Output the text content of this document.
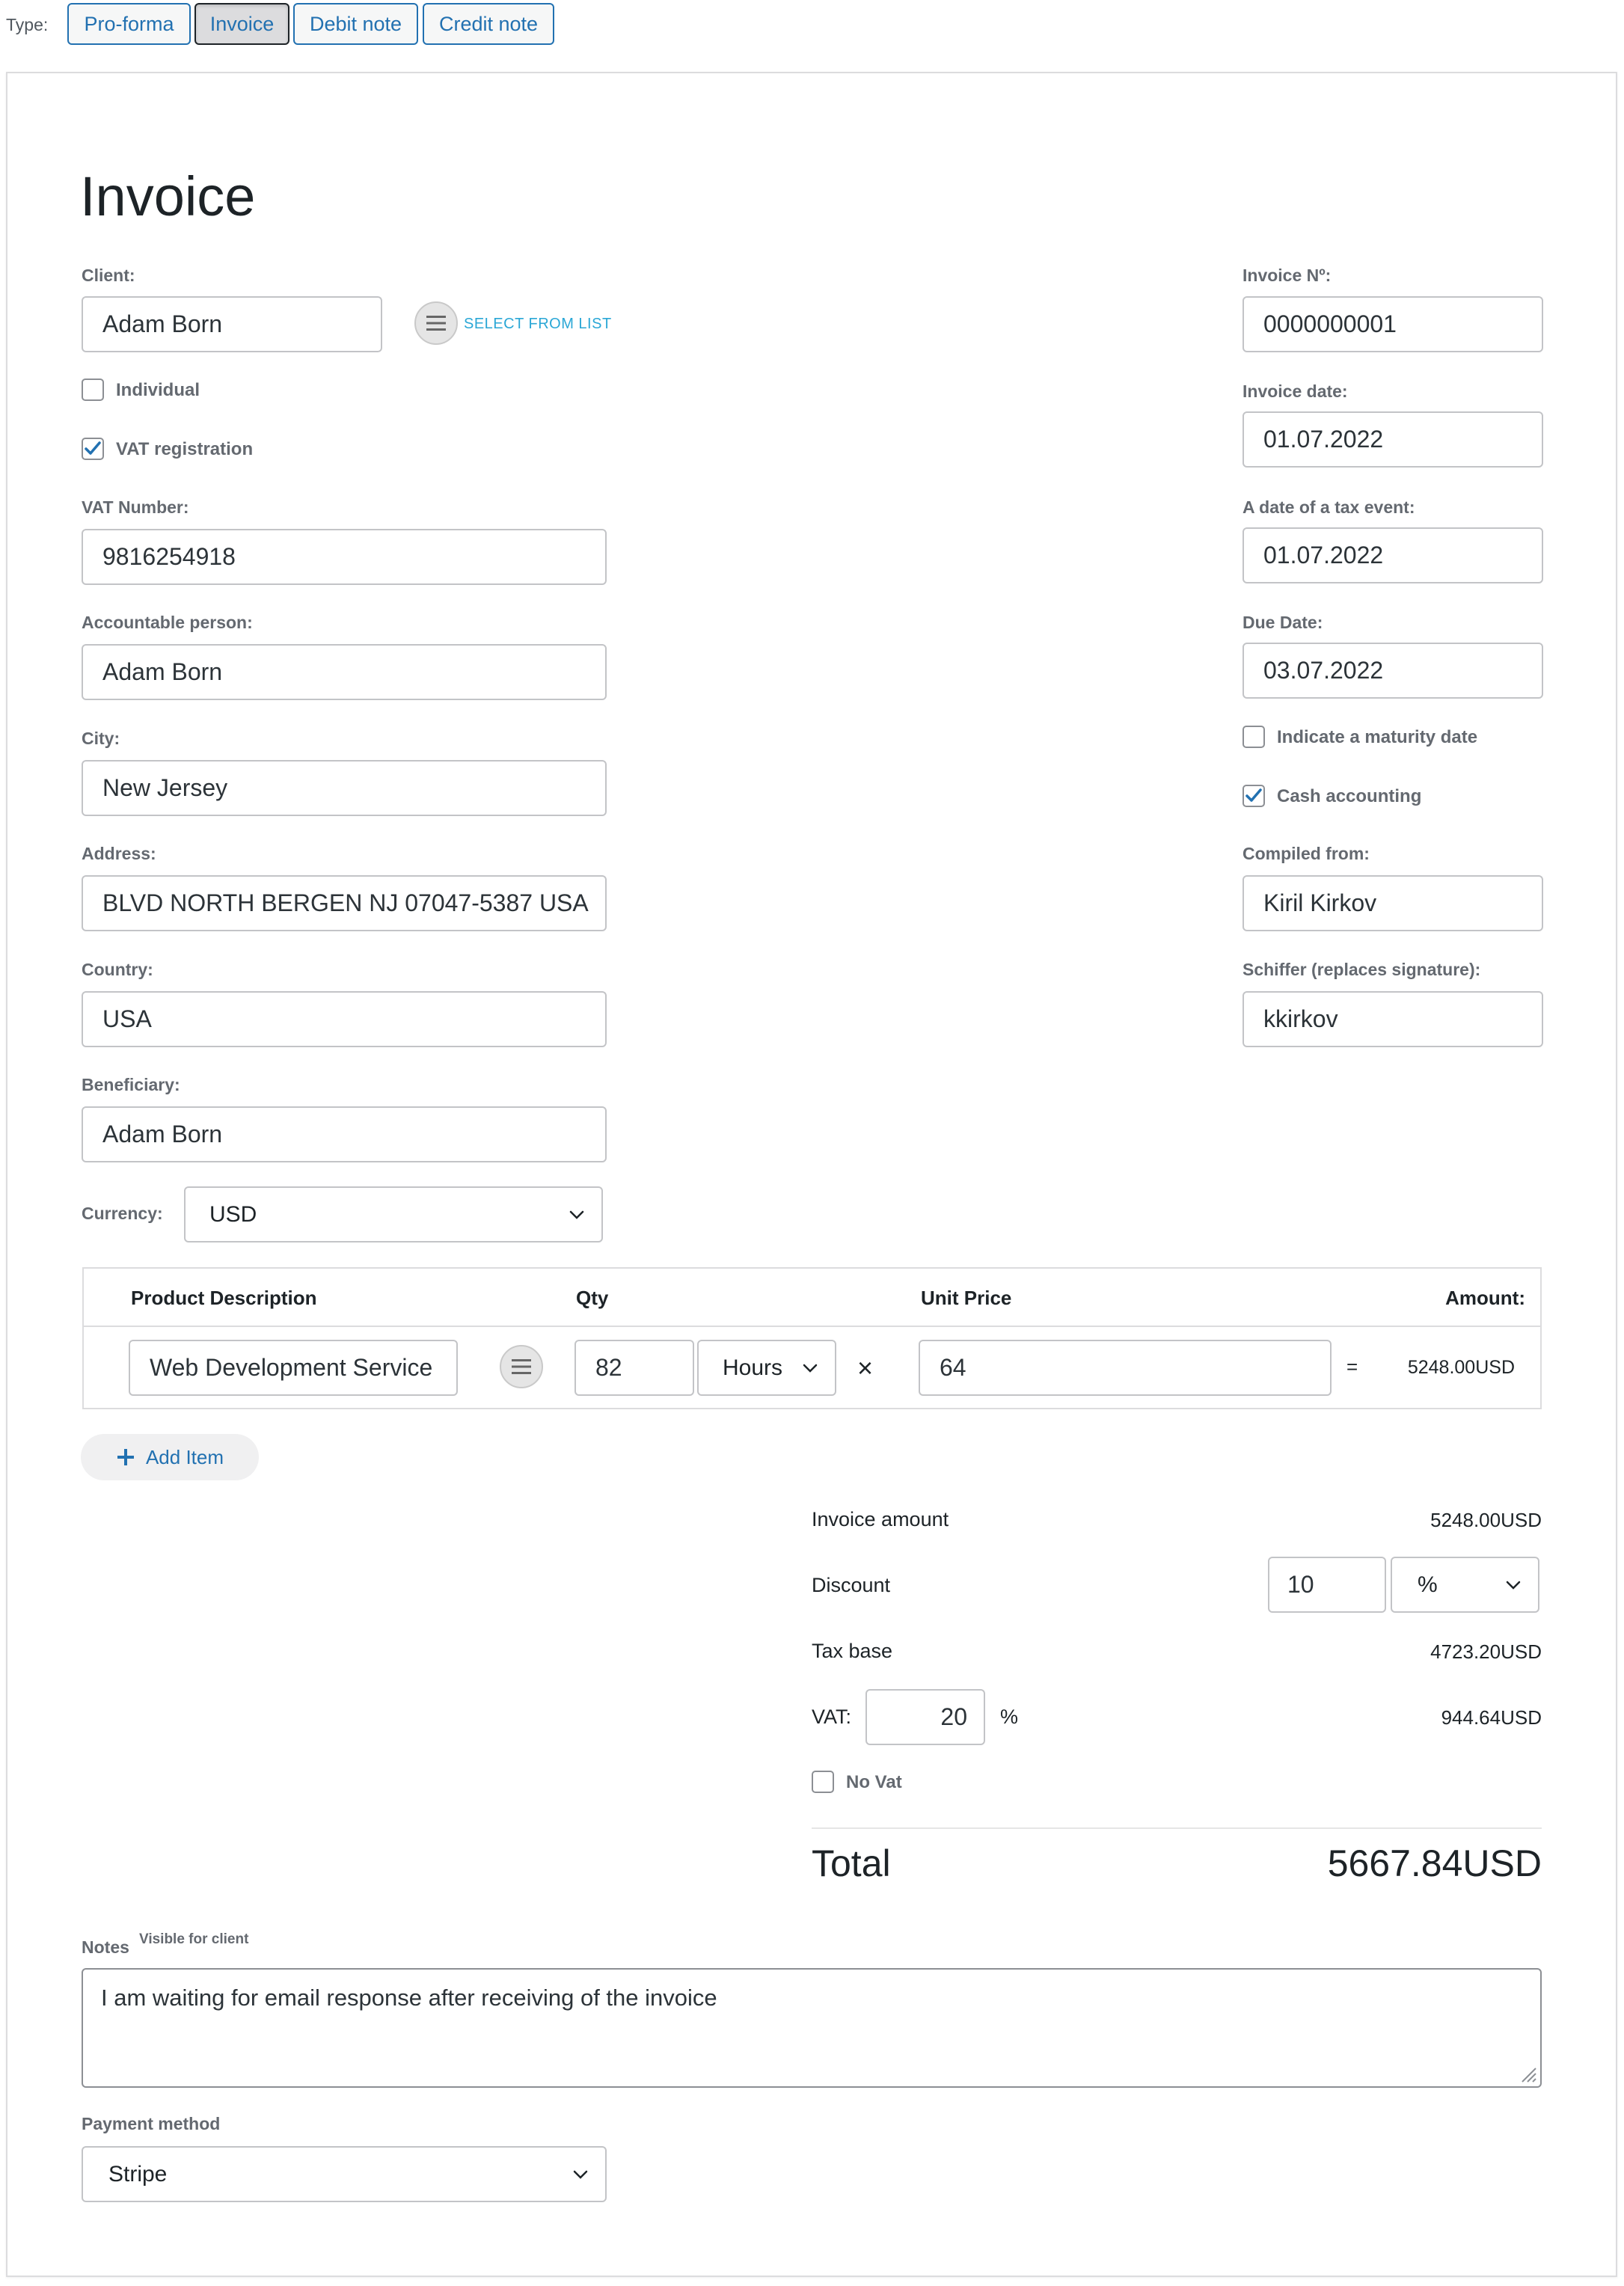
Type:	Pro-forma	Invoice	Debit note	Credit note
Invoice
Client:
Adam Born	SELECT FROM LIST
Individual
VAT registration
VAT Number:
9816254918
Accountable person:
Adam Born
City:
New Jersey
Address:
BLVD NORTH BERGEN NJ 07047-5387 USA
Country:
USA
Beneficiary:
Adam Born
Currency: USD
Invoice Nº:
0000000001
Invoice date:
01.07.2022
A date of a tax event:
01.07.2022
Due Date:
03.07.2022
Indicate a maturity date
Cash accounting
Compiled from:
Kiril Kirkov
Schiffer (replaces signature):
kkirkov
Product Description	Qty	Unit Price	Amount:
Web Development Service	82	Hours	×	64	=	5248.00USD
Add Item
Invoice amount	5248.00USD
Discount	10	%
Tax base	4723.20USD
VAT:	20	%	944.64USD
No Vat
Total	5667.84USD
Notes Visible for client
I am waiting for email response after receiving of the invoice
Payment method
Stripe
